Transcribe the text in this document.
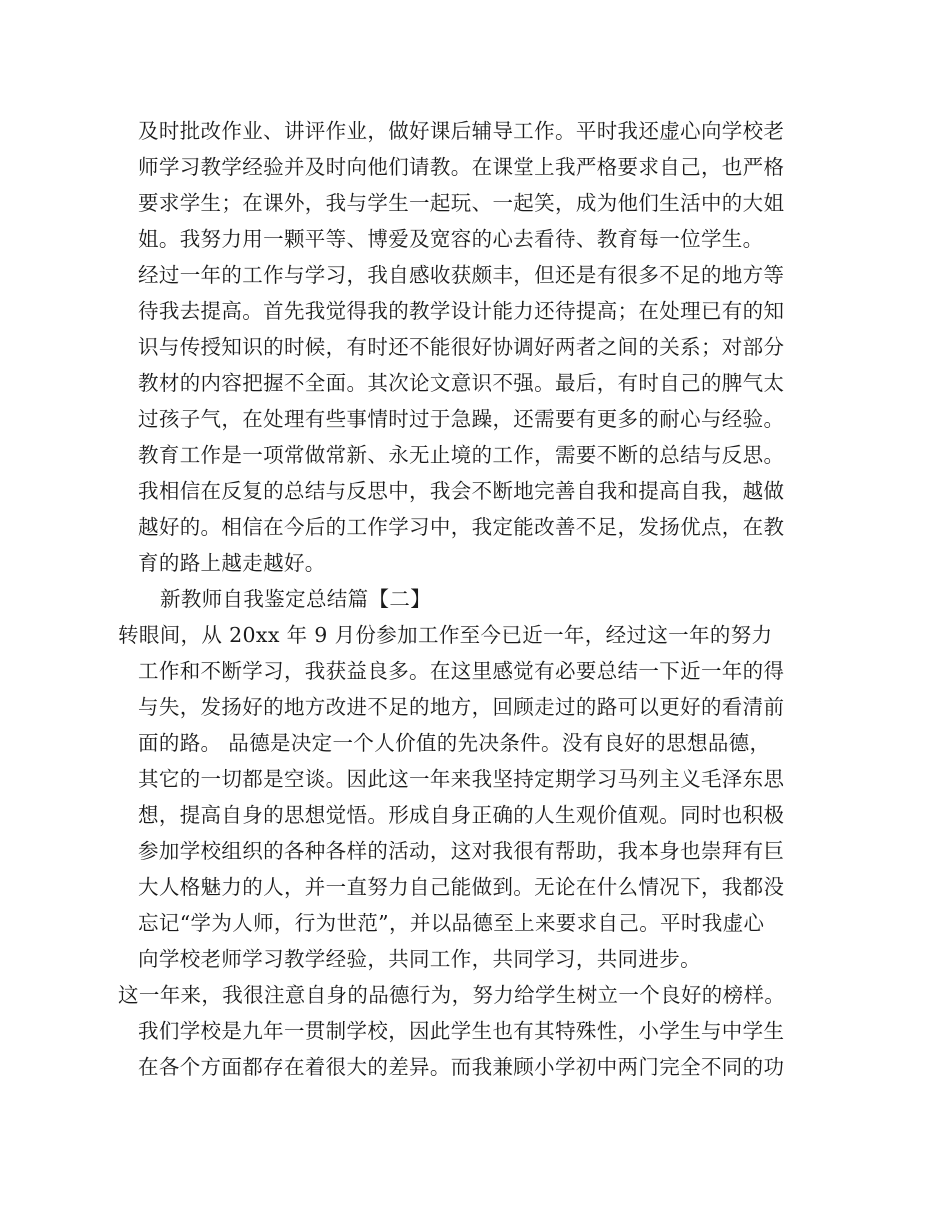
及时批改作业、讲评作业，做好课后辅导工作。平时我还虚心向学校老
师学习教学经验并及时向他们请教。在课堂上我严格要求自己，也严格
要求学生；在课外，我与学生一起玩、一起笑，成为他们生活中的大姐
姐。我努力用一颗平等、博爱及宽容的心去看待、教育每一位学生。
经过一年的工作与学习，我自感收获颇丰，但还是有很多不足的地方等
待我去提高。首先我觉得我的教学设计能力还待提高；在处理已有的知
识与传授知识的时候，有时还不能很好协调好两者之间的关系；对部分
教材的内容把握不全面。其次论文意识不强。最后，有时自己的脾气太
过孩子气，在处理有些事情时过于急躁，还需要有更多的耐心与经验。
教育工作是一项常做常新、永无止境的工作，需要不断的总结与反思。
我相信在反复的总结与反思中，我会不断地完善自我和提高自我，越做
越好的。相信在今后的工作学习中，我定能改善不足，发扬优点，在教
育的路上越走越好。
新教师自我鉴定总结篇【二】
转眼间，从 20xx 年 9 月份参加工作至今已近一年，经过这一年的努力
工作和不断学习，我获益良多。在这里感觉有必要总结一下近一年的得
与失，发扬好的地方改进不足的地方，回顾走过的路可以更好的看清前
面的路。 品德是决定一个人价值的先决条件。没有良好的思想品德，
其它的一切都是空谈。因此这一年来我坚持定期学习马列主义毛泽东思
想，提高自身的思想觉悟。形成自身正确的人生观价值观。同时也积极
参加学校组织的各种各样的活动，这对我很有帮助，我本身也崇拜有巨
大人格魅力的人，并一直努力自己能做到。无论在什么情况下，我都没
忘记“学为人师，行为世范”，并以品德至上来要求自己。平时我虚心
向学校老师学习教学经验，共同工作，共同学习，共同进步。
这一年来，我很注意自身的品德行为，努力给学生树立一个良好的榜样。
我们学校是九年一贯制学校，因此学生也有其特殊性，小学生与中学生
在各个方面都存在着很大的差异。而我兼顾小学初中两门完全不同的功
